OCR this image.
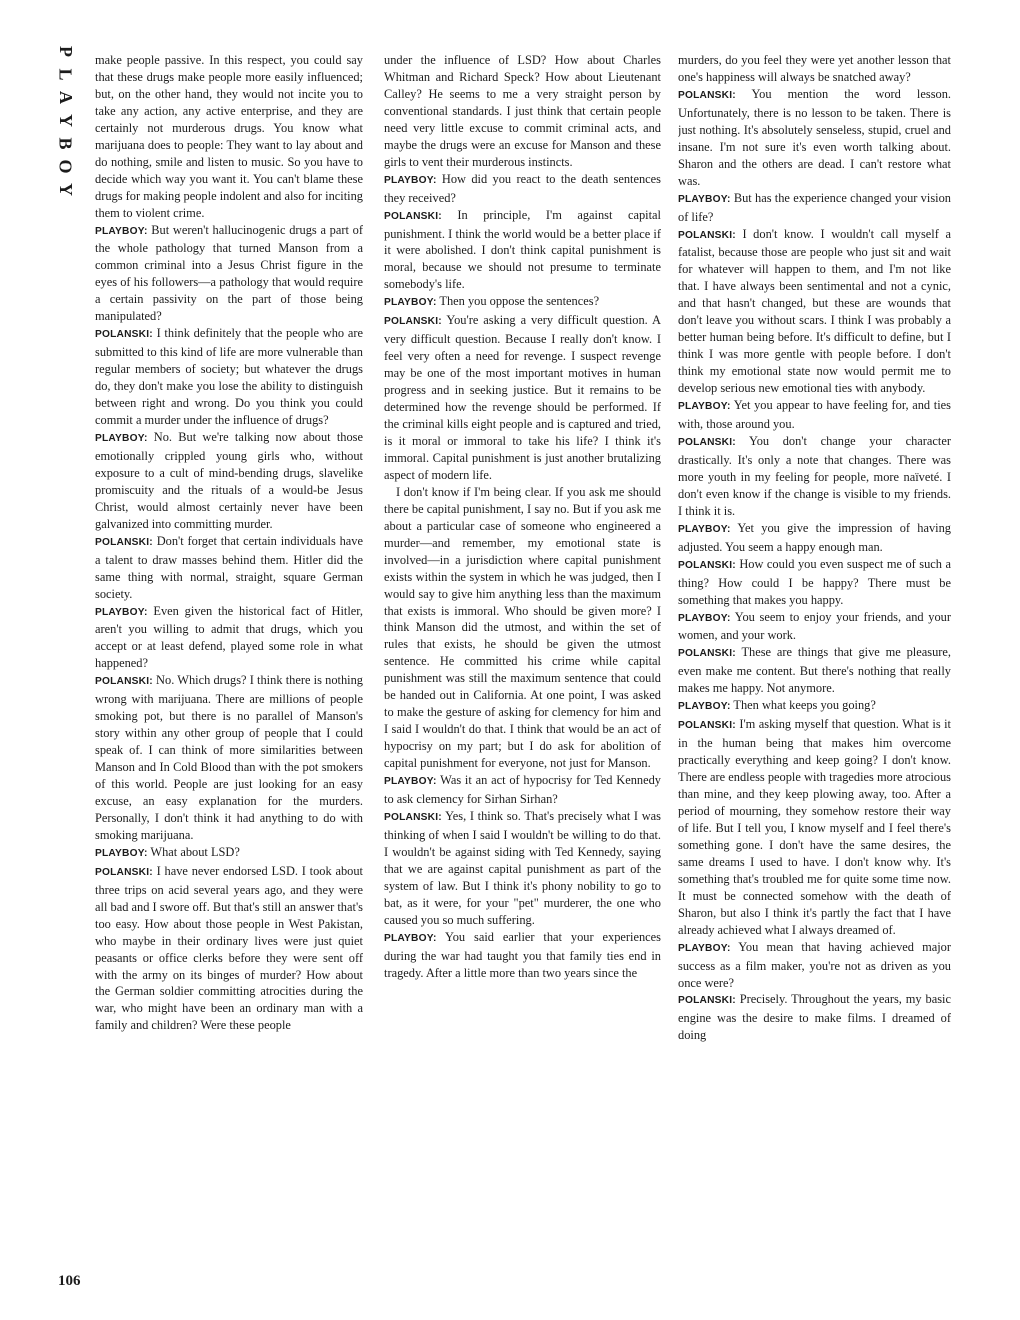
P
L
A
Y
B
O
Y
106

make people passive. In this respect, you could say that these drugs make people more easily influenced; but, on the other hand, they would not incite you to take any action, any active enterprise, and they are certainly not murderous drugs. You know what marijuana does to people: They want to lay about and do nothing, smile and listen to music. So you have to decide which way you want it. You can't blame these drugs for making people indolent and also for inciting them to violent crime.

PLAYBOY: But weren't hallucinogenic drugs a part of the whole pathology that turned Manson from a common criminal into a Jesus Christ figure in the eyes of his followers—a pathology that would require a certain passivity on the part of those being manipulated?

POLANSKI: I think definitely that the people who are submitted to this kind of life are more vulnerable than regular members of society; but whatever the drugs do, they don't make you lose the ability to distinguish between right and wrong. Do you think you could commit a murder under the influence of drugs?

PLAYBOY: No. But we're talking now about those emotionally crippled young girls who, without exposure to a cult of mind-bending drugs, slavelike promiscuity and the rituals of a would-be Jesus Christ, would almost certainly never have been galvanized into committing murder.

POLANSKI: Don't forget that certain individuals have a talent to draw masses behind them. Hitler did the same thing with normal, straight, square German society.

PLAYBOY: Even given the historical fact of Hitler, aren't you willing to admit that drugs, which you accept or at least defend, played some role in what happened?

POLANSKI: No. Which drugs? I think there is nothing wrong with marijuana. There are millions of people smoking pot, but there is no parallel of Manson's story within any other group of people that I could speak of. I can think of more similarities between Manson and In Cold Blood than with the pot smokers of this world. People are just looking for an easy excuse, an easy explanation for the murders. Personally, I don't think it had anything to do with smoking marijuana.

PLAYBOY: What about LSD?

POLANSKI: I have never endorsed LSD. I took about three trips on acid several years ago, and they were all bad and I swore off. But that's still an answer that's too easy. How about those people in West Pakistan, who maybe in their ordinary lives were just quiet peasants or office clerks before they were sent off with the army on its binges of murder? How about the German soldier committing atrocities during the war, who might have been an ordinary man with a family and children? Were these people

under the influence of LSD? How about Charles Whitman and Richard Speck? How about Lieutenant Calley? He seems to me a very straight person by conventional standards. I just think that certain people need very little excuse to commit criminal acts, and maybe the drugs were an excuse for Manson and these girls to vent their murderous instincts.

PLAYBOY: How did you react to the death sentences they received?

POLANSKI: In principle, I'm against capital punishment. I think the world would be a better place if it were abolished. I don't think capital punishment is moral, because we should not presume to terminate somebody's life.

PLAYBOY: Then you oppose the sentences?

POLANSKI: You're asking a very difficult question. A very difficult question. Because I really don't know. I feel very often a need for revenge. I suspect revenge may be one of the most important motives in human progress and in seeking justice. But it remains to be determined how the revenge should be performed. If the criminal kills eight people and is captured and tried, is it moral or immoral to take his life? I think it's immoral. Capital punishment is just another brutalizing aspect of modern life.

I don't know if I'm being clear. If you ask me should there be capital punishment, I say no. But if you ask me about a particular case of someone who engineered a murder—and remember, my emotional state is involved—in a jurisdiction where capital punishment exists within the system in which he was judged, then I would say to give him anything less than the maximum that exists is immoral. Who should be given more? I think Manson did the utmost, and within the set of rules that exists, he should be given the utmost sentence. He committed his crime while capital punishment was still the maximum sentence that could be handed out in California. At one point, I was asked to make the gesture of asking for clemency for him and I said I wouldn't do that. I think that would be an act of hypocrisy on my part; but I do ask for abolition of capital punishment for everyone, not just for Manson.

PLAYBOY: Was it an act of hypocrisy for Ted Kennedy to ask clemency for Sirhan Sirhan?

POLANSKI: Yes, I think so. That's precisely what I was thinking of when I said I wouldn't be willing to do that. I wouldn't be against siding with Ted Kennedy, saying that we are against capital punishment as part of the system of law. But I think it's phony nobility to go to bat, as it were, for your "pet" murderer, the one who caused you so much suffering.

PLAYBOY: You said earlier that your experiences during the war had taught you that family ties end in tragedy. After a little more than two years since the

murders, do you feel they were yet another lesson that one's happiness will always be snatched away?

POLANSKI: You mention the word lesson. Unfortunately, there is no lesson to be taken. There is just nothing. It's absolutely senseless, stupid, cruel and insane. I'm not sure it's even worth talking about. Sharon and the others are dead. I can't restore what was.

PLAYBOY: But has the experience changed your vision of life?

POLANSKI: I don't know. I wouldn't call myself a fatalist, because those are people who just sit and wait for whatever will happen to them, and I'm not like that. I have always been sentimental and not a cynic, and that hasn't changed, but these are wounds that don't leave you without scars. I think I was probably a better human being before. It's difficult to define, but I think I was more gentle with people before. I don't think my emotional state now would permit me to develop serious new emotional ties with anybody.

PLAYBOY: Yet you appear to have feeling for, and ties with, those around you.

POLANSKI: You don't change your character drastically. It's only a note that changes. There was more youth in my feeling for people, more naïveté. I don't even know if the change is visible to my friends. I think it is.

PLAYBOY: Yet you give the impression of having adjusted. You seem a happy enough man.

POLANSKI: How could you even suspect me of such a thing? How could I be happy? There must be something that makes you happy.

PLAYBOY: You seem to enjoy your friends, and your women, and your work.

POLANSKI: These are things that give me pleasure, even make me content. But there's nothing that really makes me happy. Not anymore.

PLAYBOY: Then what keeps you going?

POLANSKI: I'm asking myself that question. What is it in the human being that makes him overcome practically everything and keep going? I don't know. There are endless people with tragedies more atrocious than mine, and they keep plowing away, too. After a period of mourning, they somehow restore their way of life. But I tell you, I know myself and I feel there's something gone. I don't have the same desires, the same dreams I used to have. I don't know why. It's something that's troubled me for quite some time now. It must be connected somehow with the death of Sharon, but also I think it's partly the fact that I have already achieved what I always dreamed of.

PLAYBOY: You mean that having achieved major success as a film maker, you're not as driven as you once were?

POLANSKI: Precisely. Throughout the years, my basic engine was the desire to make films. I dreamed of doing
